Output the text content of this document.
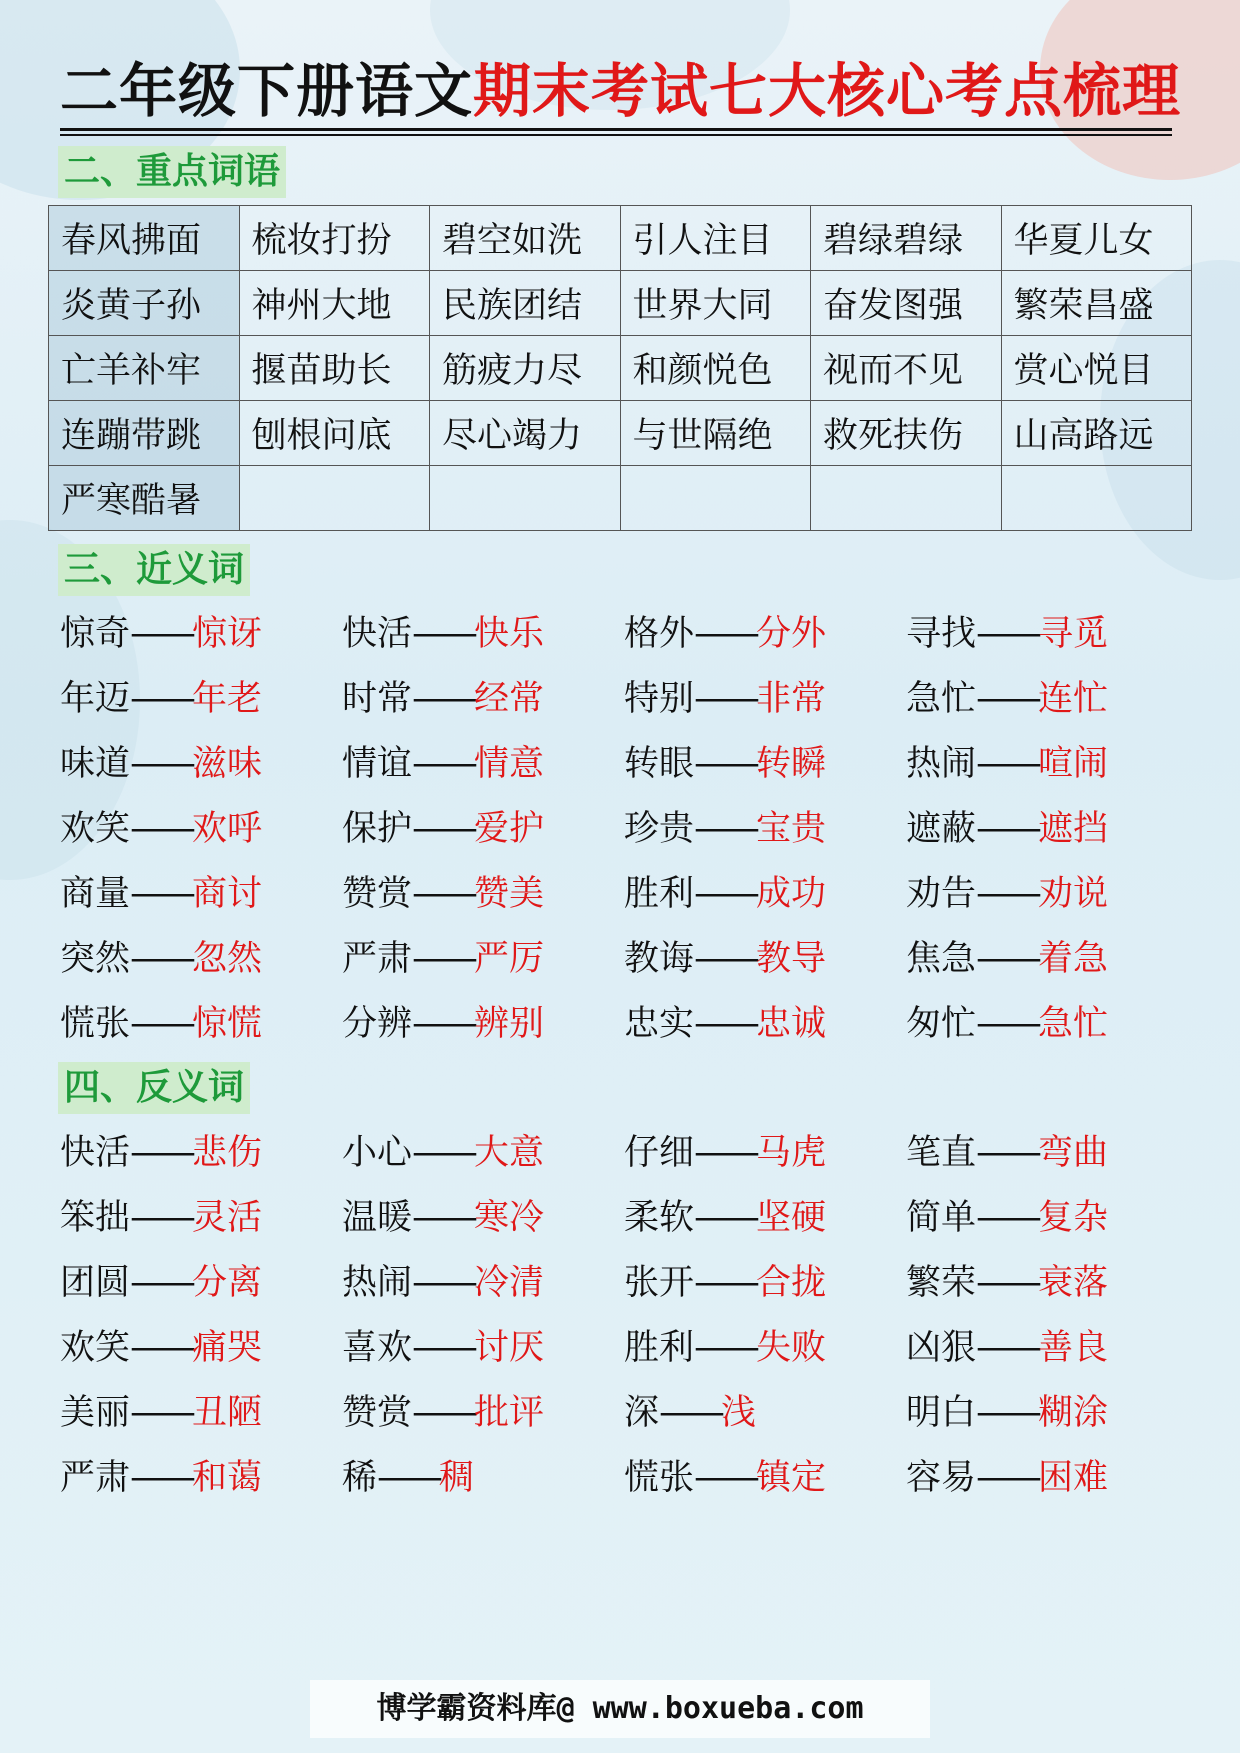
二年级下册语文期末考试七大核心考点梳理
二、重点词语
春风拂面	梳妆打扮	碧空如洗	引人注目	碧绿碧绿	华夏儿女
炎黄子孙	神州大地	民族团结	世界大同	奋发图强	繁荣昌盛
亡羊补牢	揠苗助长	筋疲力尽	和颜悦色	视而不见	赏心悦目
连蹦带跳	刨根问底	尽心竭力	与世隔绝	救死扶伤	山高路远
严寒酷暑					
三、近义词
惊奇——惊讶 快活——快乐 格外——分外 寻找——寻觅
年迈——年老 时常——经常 特别——非常 急忙——连忙
味道——滋味 情谊——情意 转眼——转瞬 热闹——喧闹
欢笑——欢呼 保护——爱护 珍贵——宝贵 遮蔽——遮挡
商量——商讨 赞赏——赞美 胜利——成功 劝告——劝说
突然——忽然 严肃——严厉 教诲——教导 焦急——着急
慌张——惊慌 分辨——辨别 忠实——忠诚 匆忙——急忙
四、反义词
快活——悲伤 小心——大意 仔细——马虎 笔直——弯曲
笨拙——灵活 温暖——寒冷 柔软——坚硬 简单——复杂
团圆——分离 热闹——冷清 张开——合拢 繁荣——衰落
欢笑——痛哭 喜欢——讨厌 胜利——失败 凶狠——善良
美丽——丑陋 赞赏——批评 深——浅	明白——糊涂
严肃——和蔼 稀——稠	慌张——镇定 容易——困难
博学霸资料库@ www.boxueba.com
